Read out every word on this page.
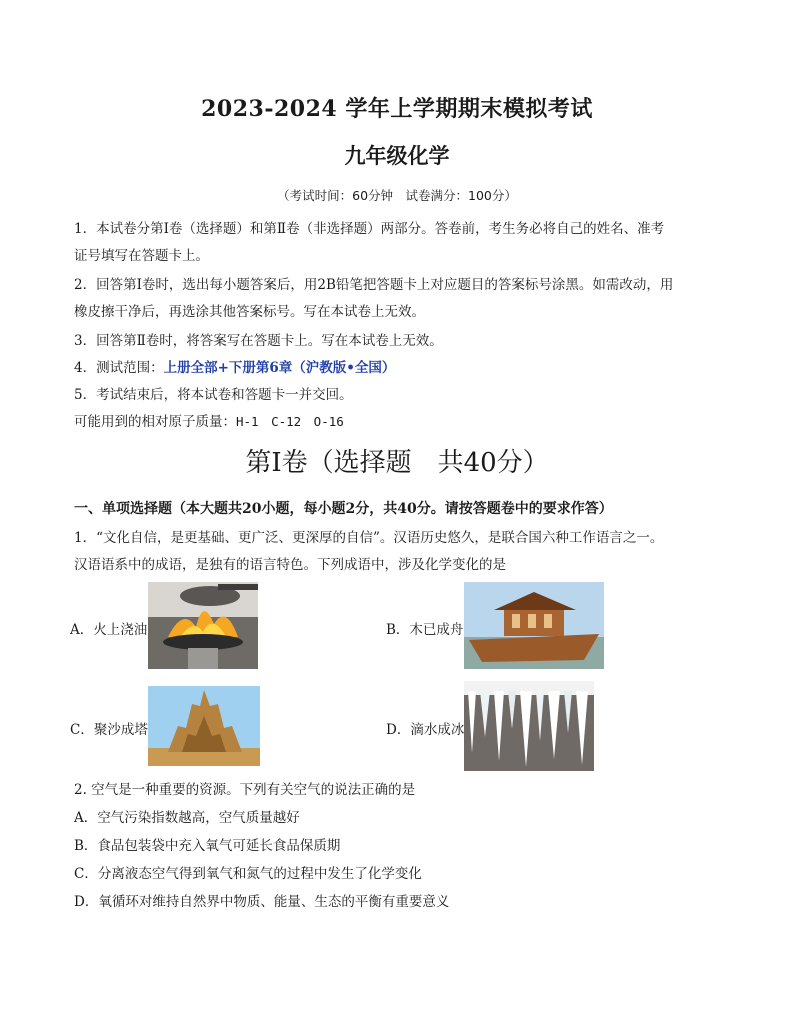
2023-2024 学年上学期期末模拟考试
九年级化学
（考试时间：60分钟　试卷满分：100分）
1．本试卷分第Ⅰ卷（选择题）和第Ⅱ卷（非选择题）两部分。答卷前，考生务必将自己的姓名、准考
证号填写在答题卡上。
2．回答第Ⅰ卷时，选出每小题答案后，用2B铅笔把答题卡上对应题目的答案标号涂黑。如需改动，用
橡皮擦干净后，再选涂其他答案标号。写在本试卷上无效。
3．回答第Ⅱ卷时，将答案写在答题卡上。写在本试卷上无效。
4．测试范围：上册全部+下册第6章（沪教版•全国）
5．考试结束后，将本试卷和答题卡一并交回。
可能用到的相对原子质量：H-1　C-12　O-16
第Ⅰ卷（选择题　共40分）
一、单项选择题（本大题共20小题，每小题2分，共40分。请按答题卷中的要求作答）
1．“文化自信，是更基础、更广泛、更深厚的自信”。汉语历史悠久，是联合国六种工作语言之一。
汉语语系中的成语，是独有的语言特色。下列成语中，涉及化学变化的是
A．火上浇油	B．木已成舟
C．聚沙成塔	D．滴水成冰
2. 空气是一种重要的资源。下列有关空气的说法正确的是
A．空气污染指数越高，空气质量越好
B．食品包装袋中充入氧气可延长食品保质期
C．分离液态空气得到氧气和氮气的过程中发生了化学变化
D．氧循环对维持自然界中物质、能量、生态的平衡有重要意义
